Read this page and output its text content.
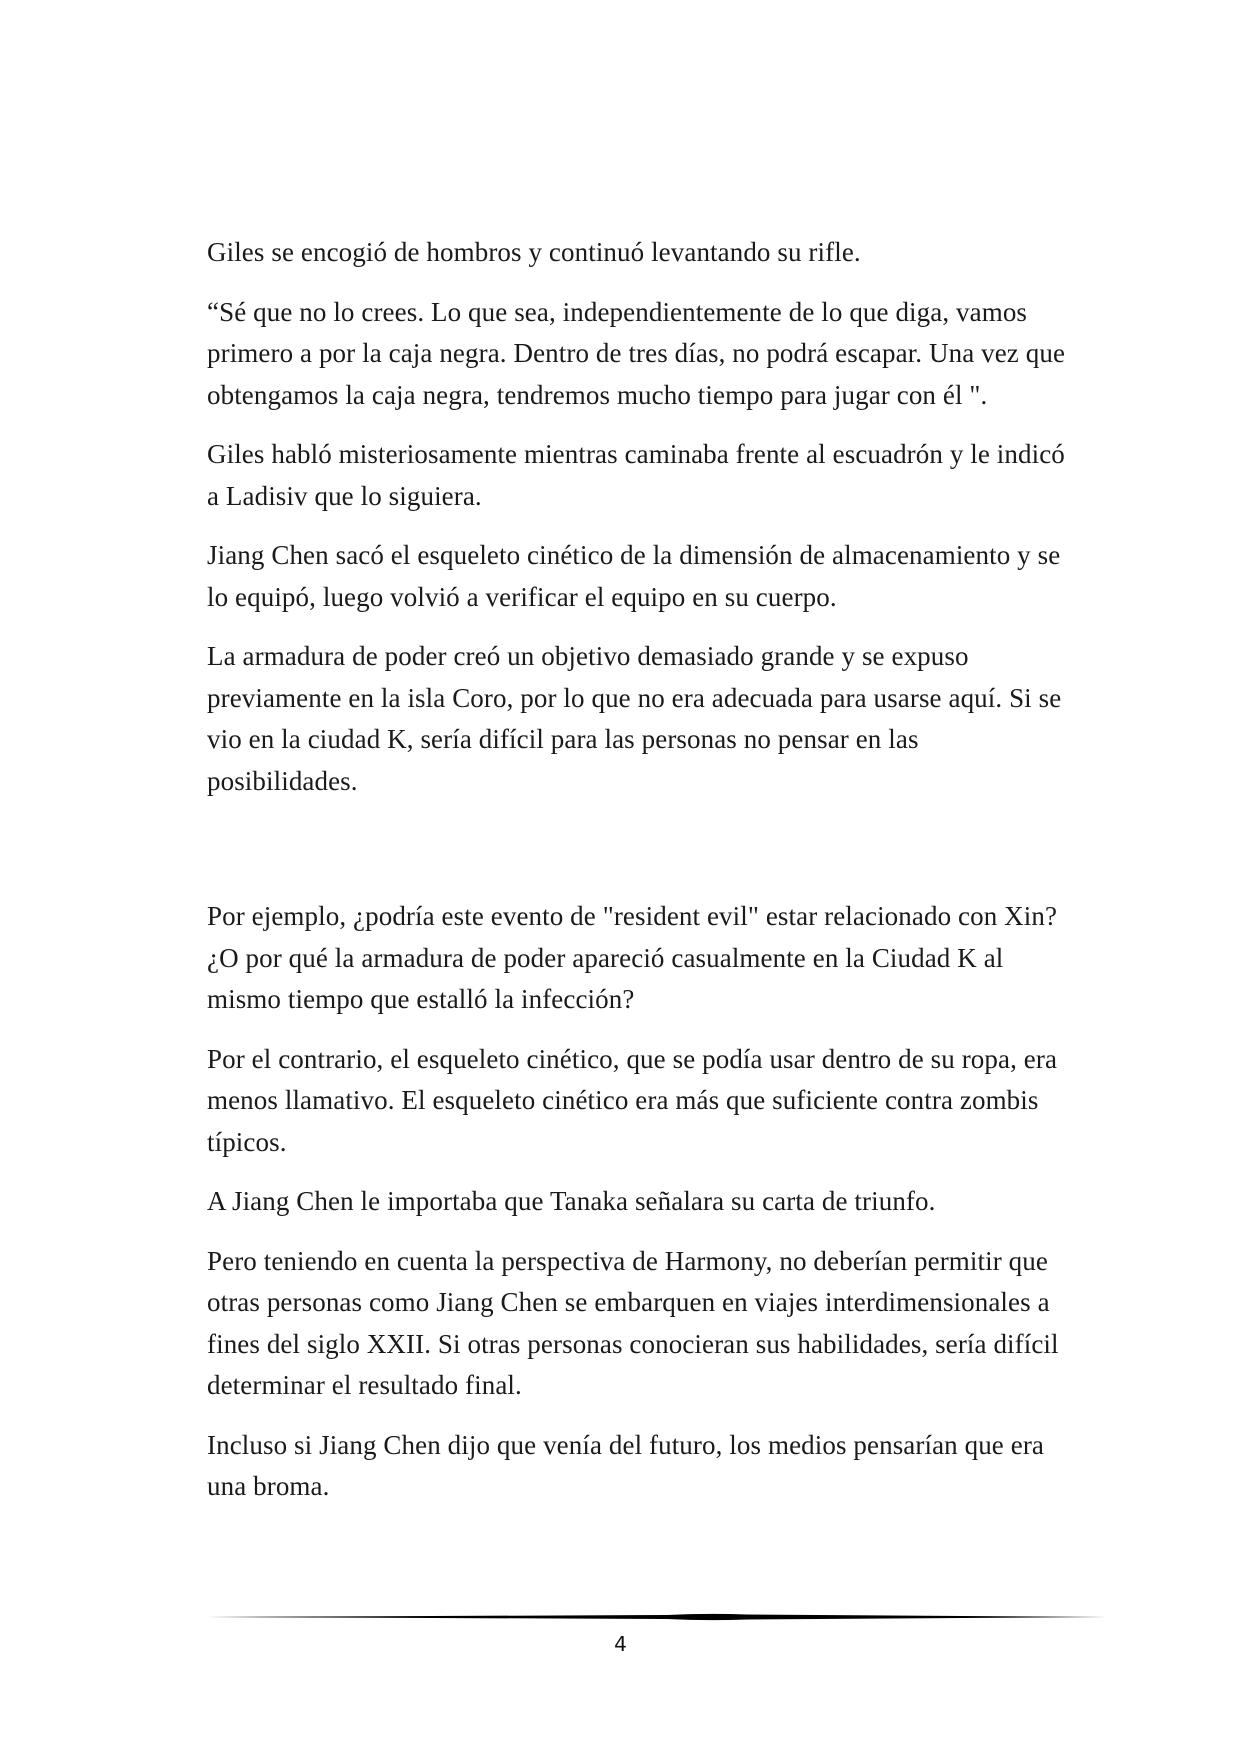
Giles se encogió de hombros y continuó levantando su rifle.

“Sé que no lo crees. Lo que sea, independientemente de lo que diga, vamos primero a por la caja negra. Dentro de tres días, no podrá escapar. Una vez que obtengamos la caja negra, tendremos mucho tiempo para jugar con él ".

Giles habló misteriosamente mientras caminaba frente al escuadrón y le indicó a Ladisiv que lo siguiera.

Jiang Chen sacó el esqueleto cinético de la dimensión de almacenamiento y se lo equipó, luego volvió a verificar el equipo en su cuerpo.

La armadura de poder creó un objetivo demasiado grande y se expuso previamente en la isla Coro, por lo que no era adecuada para usarse aquí. Si se vio en la ciudad K, sería difícil para las personas no pensar en las posibilidades.

Por ejemplo, ¿podría este evento de "resident evil" estar relacionado con Xin? ¿O por qué la armadura de poder apareció casualmente en la Ciudad K al mismo tiempo que estalló la infección?

Por el contrario, el esqueleto cinético, que se podía usar dentro de su ropa, era menos llamativo. El esqueleto cinético era más que suficiente contra zombis típicos.

A Jiang Chen le importaba que Tanaka señalara su carta de triunfo.

Pero teniendo en cuenta la perspectiva de Harmony, no deberían permitir que otras personas como Jiang Chen se embarquen en viajes interdimensionales a fines del siglo XXII. Si otras personas conocieran sus habilidades, sería difícil determinar el resultado final.

Incluso si Jiang Chen dijo que venía del futuro, los medios pensarían que era una broma.

4
